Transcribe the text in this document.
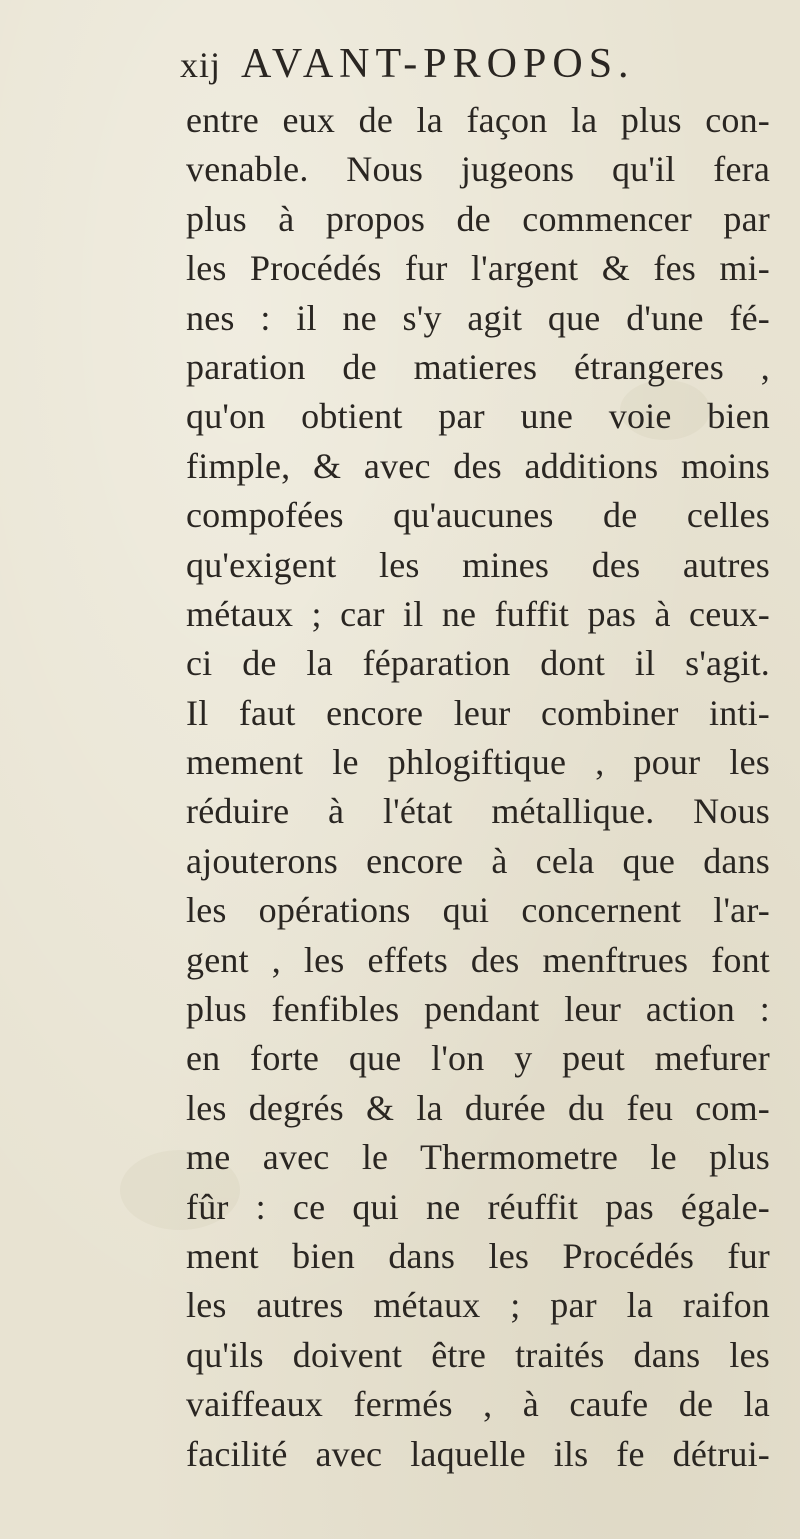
xij AVANT-PROPOS.
entre eux de la façon la plus con-
venable. Nous jugeons qu'il fera
plus à propos de commencer par
les Procédés fur l'argent & fes mi-
nes : il ne s'y agit que d'une fé-
paration de matieres étrangeres ,
qu'on obtient par une voie bien
fimple, & avec des additions moins
compofées qu'aucunes de celles
qu'exigent les mines des autres
métaux ; car il ne fuffit pas à ceux-
ci de la féparation dont il s'agit.
Il faut encore leur combiner inti-
mement le phlogiftique , pour les
réduire à l'état métallique. Nous
ajouterons encore à cela que dans
les opérations qui concernent l'ar-
gent , les effets des menftrues font
plus fenfibles pendant leur action :
en forte que l'on y peut mefurer
les degrés & la durée du feu com-
me avec le Thermometre le plus
fûr : ce qui ne réuffit pas égale-
ment bien dans les Procédés fur
les autres métaux ; par la raifon
qu'ils doivent être traités dans les
vaiffeaux fermés , à caufe de la
facilité avec laquelle ils fe détrui-
